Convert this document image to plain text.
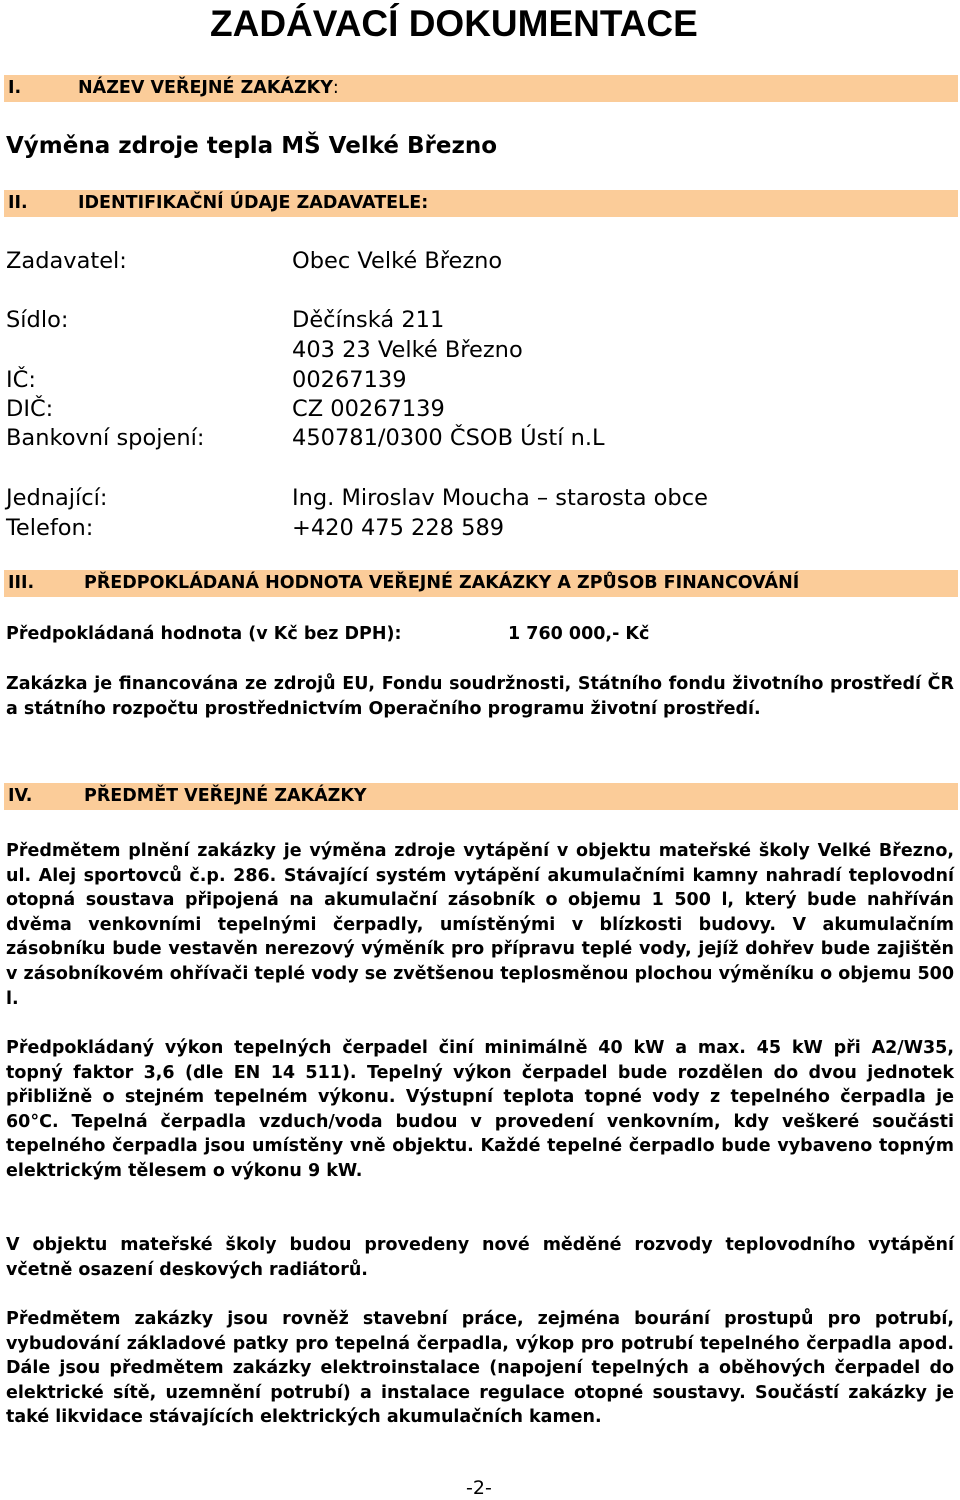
ZADÁVACÍ DOKUMENTACE
I.	NÁZEV VEŘEJNÉ ZAKÁZKY:
Výměna zdroje tepla MŠ Velké Březno
II.	IDENTIFIKAČNÍ ÚDAJE ZADAVATELE:
Zadavatel:	Obec Velké Březno
Sídlo:	Děčínská 211
403 23 Velké Březno
IČ:	00267139
DIČ:	CZ 00267139
Bankovní spojení:	450781/0300 ČSOB Ústí n.L
Jednající:	Ing. Miroslav Moucha – starosta obce
Telefon:	+420 475 228 589
III.	PŘEDPOKLÁDANÁ HODNOTA VEŘEJNÉ ZAKÁZKY A ZPŮSOB FINANCOVÁNÍ
Předpokládaná hodnota (v Kč bez DPH):	1 760 000,- Kč

Zakázka je financována ze zdrojů EU, Fondu soudržnosti, Státního fondu životního prostředí ČR a státního rozpočtu prostřednictvím Operačního programu životní prostředí.

IV.	PŘEDMĚT VEŘEJNÉ ZAKÁZKY

Předmětem plnění zakázky je výměna zdroje vytápění v objektu mateřské školy Velké Březno, ul. Alej sportovců č.p. 286. Stávající systém vytápění akumulačními kamny nahradí teplovodní otopná soustava připojená na akumulační zásobník o objemu 1 500 l, který bude nahříván dvěma venkovními tepelnými čerpadly, umístěnými v blízkosti budovy. V akumulačním zásobníku bude vestavěn nerezový výměník pro přípravu teplé vody, jejíž dohřev bude zajištěn v zásobníkovém ohřívači teplé vody se zvětšenou teplosměnou plochou výměníku o objemu 500 l.

Předpokládaný výkon tepelných čerpadel činí minimálně 40 kW a max. 45 kW při A2/W35, topný faktor 3,6 (dle EN 14 511). Tepelný výkon čerpadel bude rozdělen do dvou jednotek přibližně o stejném tepelném výkonu. Výstupní teplota topné vody z tepelného čerpadla je 60°C. Tepelná čerpadla vzduch/voda budou v provedení venkovním, kdy veškeré součásti tepelného čerpadla jsou umístěny vně objektu. Každé tepelné čerpadlo bude vybaveno topným elektrickým tělesem o výkonu 9 kW.

V objektu mateřské školy budou provedeny nové měděné rozvody teplovodního vytápění včetně osazení deskových radiátorů.

Předmětem zakázky jsou rovněž stavební práce, zejména bourání prostupů pro potrubí, vybudování základové patky pro tepelná čerpadla, výkop pro potrubí tepelného čerpadla apod. Dále jsou předmětem zakázky elektroinstalace (napojení tepelných a oběhových čerpadel do elektrické sítě, uzemnění potrubí) a instalace regulace otopné soustavy. Součástí zakázky je také likvidace stávajících elektrických akumulačních kamen.

-2-
